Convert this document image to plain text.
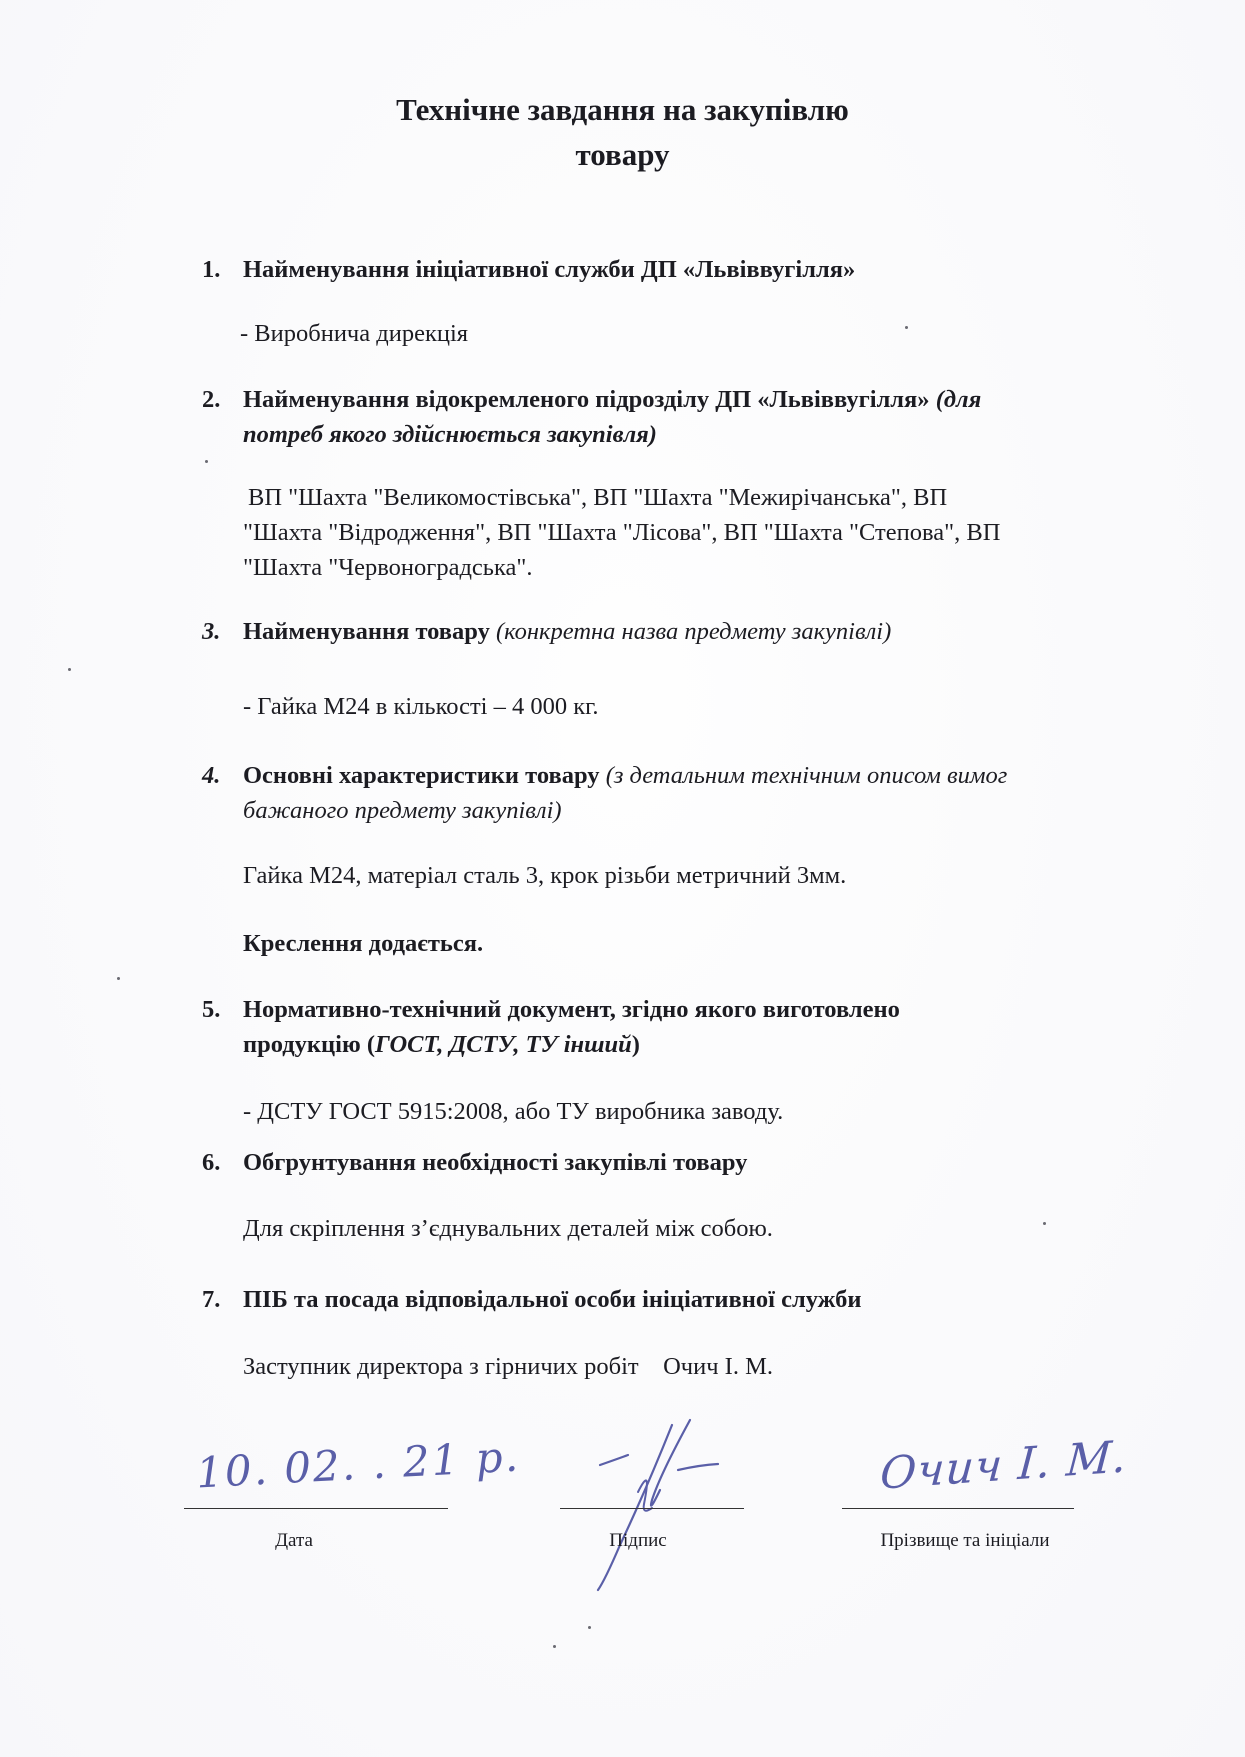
Технічне завдання на закупівлю
товару
1. Найменування ініціативної служби ДП «Львіввугілля»
- Виробнича дирекція
2. Найменування відокремленого підрозділу ДП «Львіввугілля» (для
потреб якого здійснюється закупівля)
ВП "Шахта "Великомостівська", ВП "Шахта "Межирічанська", ВП
"Шахта "Відродження", ВП "Шахта "Лісова", ВП "Шахта "Степова", ВП
"Шахта "Червоноградська".
3. Найменування товару (конкретна назва предмету закупівлі)
- Гайка М24 в кількості – 4 000 кг.
4. Основні характеристики товару (з детальним технічним описом вимог
бажаного предмету закупівлі)
Гайка М24, матеріал сталь 3, крок різьби метричний 3мм.
Креслення додається.
5. Нормативно-технічний документ, згідно якого виготовлено
продукцію (ГОСТ, ДСТУ, ТУ інший)
- ДСТУ ГОСТ 5915:2008, або ТУ виробника заводу.
6. Обгрунтування необхідності закупівлі товару
Для скріплення з’єднувальних деталей між собою.
7. ПІБ та посада відповідальної особи ініціативної служби
Заступник директора з гірничих робіт    Очич І. М.
10. 02. . 21 р.
Дата	Підпис
Очич І. М.
Прізвище та ініціали
